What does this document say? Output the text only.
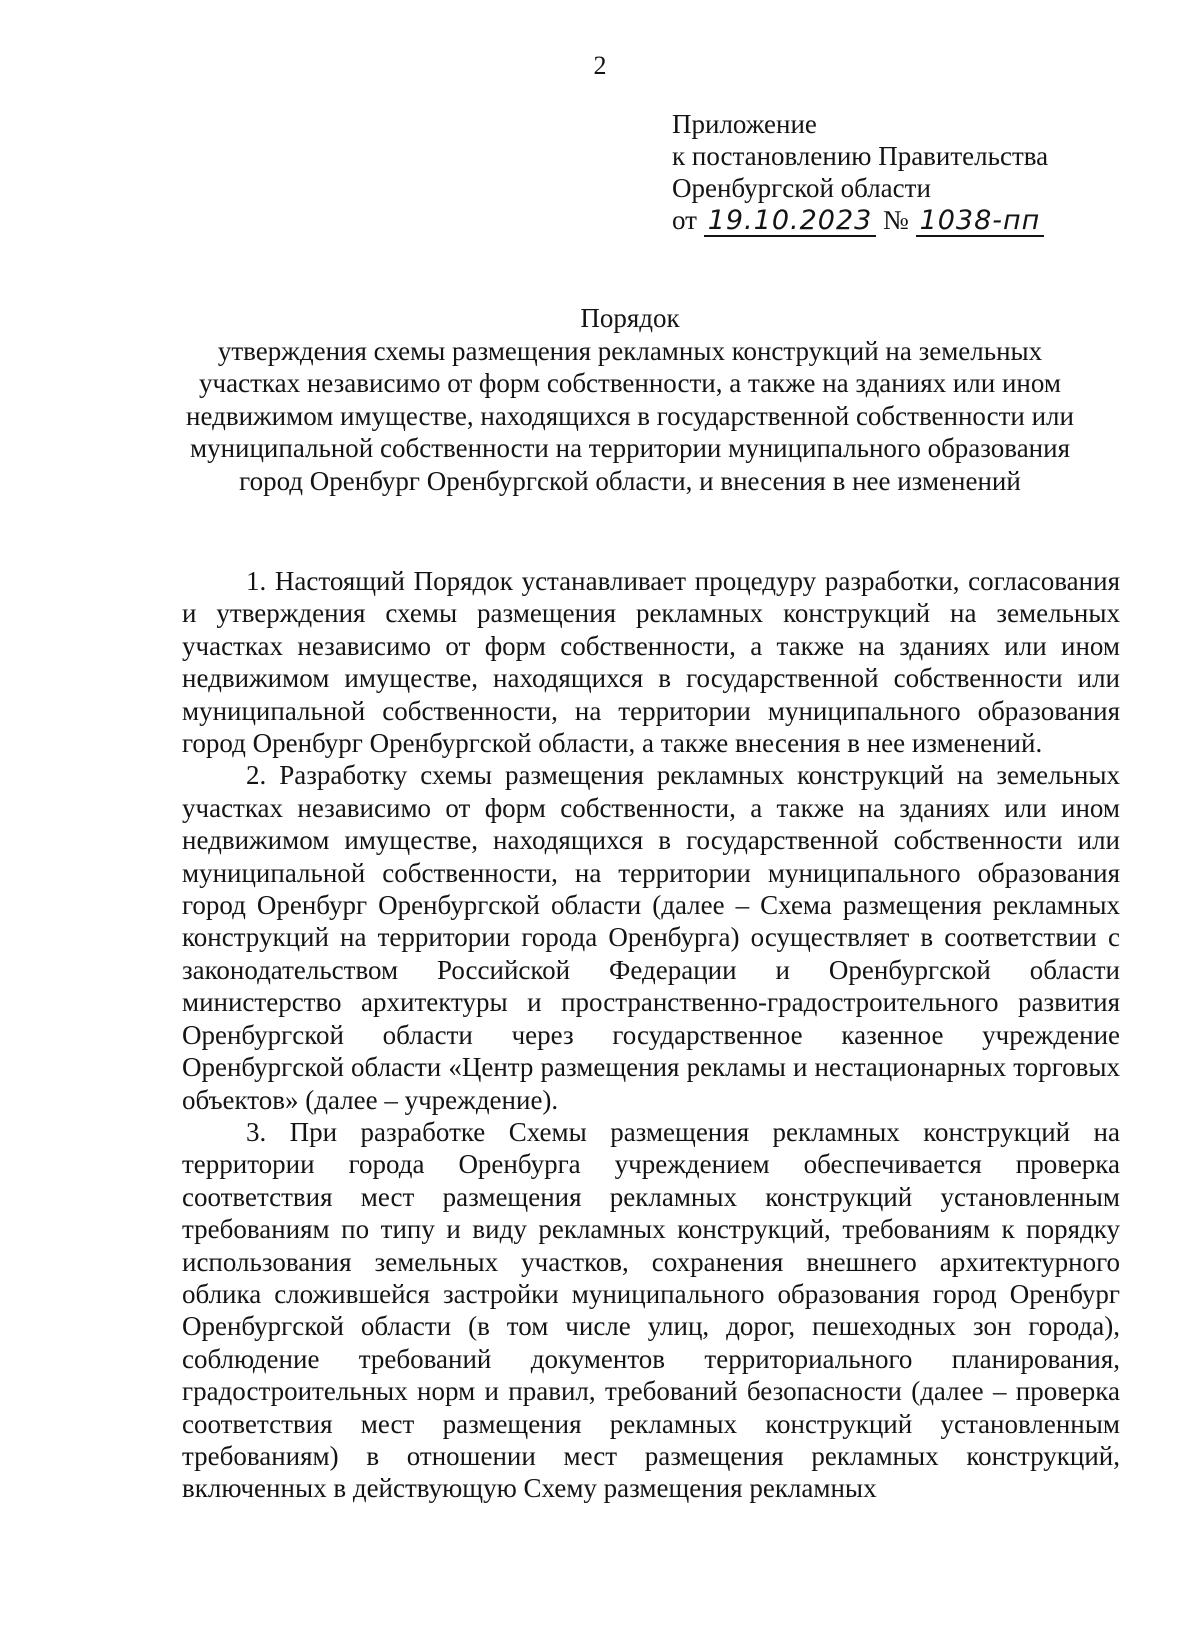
2
Приложение
к постановлению Правительства
Оренбургской области
от 19.10.2023 № 1038-пп
Порядок
утверждения схемы размещения рекламных конструкций на земельных участках независимо от форм собственности, а также на зданиях или ином недвижимом имуществе, находящихся в государственной собственности или муниципальной собственности на территории муниципального образования город Оренбург Оренбургской области, и внесения в нее изменений

1. Настоящий Порядок устанавливает процедуру разработки, согласования и утверждения схемы размещения рекламных конструкций на земельных участках независимо от форм собственности, а также на зданиях или ином недвижимом имуществе, находящихся в государственной собственности или муниципальной собственности, на территории муниципального образования город Оренбург Оренбургской области, а также внесения в нее изменений.

2. Разработку схемы размещения рекламных конструкций на земельных участках независимо от форм собственности, а также на зданиях или ином недвижимом имуществе, находящихся в государственной собственности или муниципальной собственности, на территории муниципального образования город Оренбург Оренбургской области (далее – Схема размещения рекламных конструкций на территории города Оренбурга) осуществляет в соответствии с законодательством Российской Федерации и Оренбургской области министерство архитектуры и пространственно-градостроительного развития Оренбургской области через государственное казенное учреждение Оренбургской области «Центр размещения рекламы и нестационарных торговых объектов» (далее – учреждение).

3. При разработке Схемы размещения рекламных конструкций на территории города Оренбурга учреждением обеспечивается проверка соответствия мест размещения рекламных конструкций установленным требованиям по типу и виду рекламных конструкций, требованиям к порядку использования земельных участков, сохранения внешнего архитектурного облика сложившейся застройки муниципального образования город Оренбург Оренбургской области (в том числе улиц, дорог, пешеходных зон города), соблюдение требований документов территориального планирования, градостроительных норм и правил, требований безопасности (далее – проверка соответствия мест размещения рекламных конструкций установленным требованиям) в отношении мест размещения рекламных конструкций, включенных в действующую Схему размещения рекламных
